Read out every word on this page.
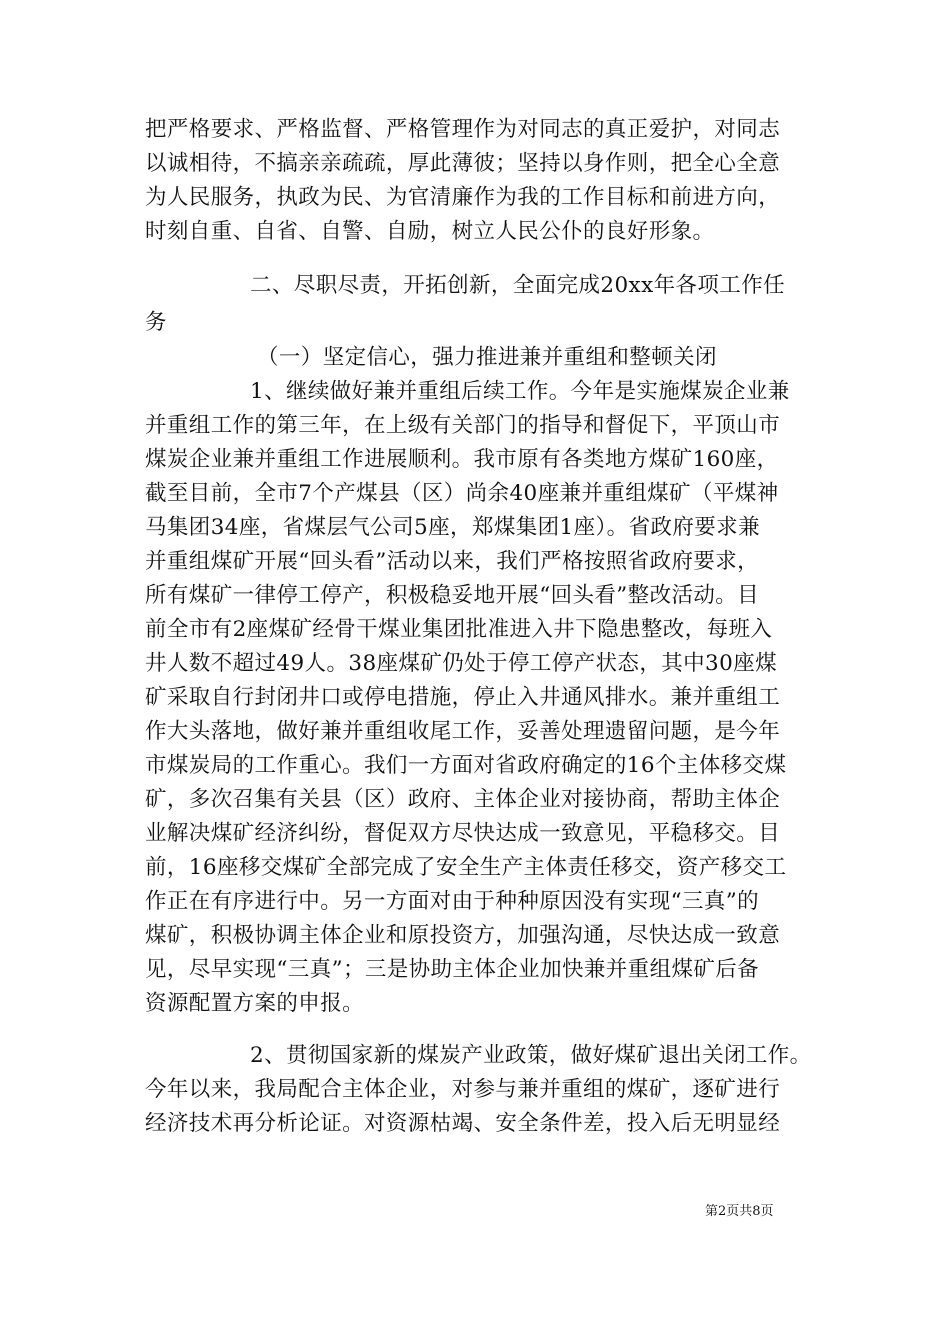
把严格要求、严格监督、严格管理作为对同志的真正爱护，对同志
以诚相待，不搞亲亲疏疏，厚此薄彼；坚持以身作则，把全心全意
为人民服务，执政为民、为官清廉作为我的工作目标和前进方向，
时刻自重、自省、自警、自励，树立人民公仆的良好形象。
二、尽职尽责，开拓创新，全面完成20xx年各项工作任
务
（一）坚定信心，强力推进兼并重组和整顿关闭
1、继续做好兼并重组后续工作。今年是实施煤炭企业兼
并重组工作的第三年，在上级有关部门的指导和督促下，平顶山市
煤炭企业兼并重组工作进展顺利。我市原有各类地方煤矿160座，
截至目前，全市7个产煤县（区）尚余40座兼并重组煤矿（平煤神
马集团34座，省煤层气公司5座，郑煤集团1座）。省政府要求兼
并重组煤矿开展“回头看”活动以来，我们严格按照省政府要求，
所有煤矿一律停工停产，积极稳妥地开展“回头看”整改活动。目
前全市有2座煤矿经骨干煤业集团批准进入井下隐患整改，每班入
井人数不超过49人。38座煤矿仍处于停工停产状态，其中30座煤
矿采取自行封闭井口或停电措施，停止入井通风排水。兼并重组工
作大头落地，做好兼并重组收尾工作，妥善处理遗留问题，是今年
市煤炭局的工作重心。我们一方面对省政府确定的16个主体移交煤
矿，多次召集有关县（区）政府、主体企业对接协商，帮助主体企
业解决煤矿经济纠纷，督促双方尽快达成一致意见，平稳移交。目
前，16座移交煤矿全部完成了安全生产主体责任移交，资产移交工
作正在有序进行中。另一方面对由于种种原因没有实现“三真”的
煤矿，积极协调主体企业和原投资方，加强沟通，尽快达成一致意
见，尽早实现“三真”；三是协助主体企业加快兼并重组煤矿后备
资源配置方案的申报。
2、贯彻国家新的煤炭产业政策，做好煤矿退出关闭工作。
今年以来，我局配合主体企业，对参与兼并重组的煤矿，逐矿进行
经济技术再分析论证。对资源枯竭、安全条件差，投入后无明显经
第2页共8页
